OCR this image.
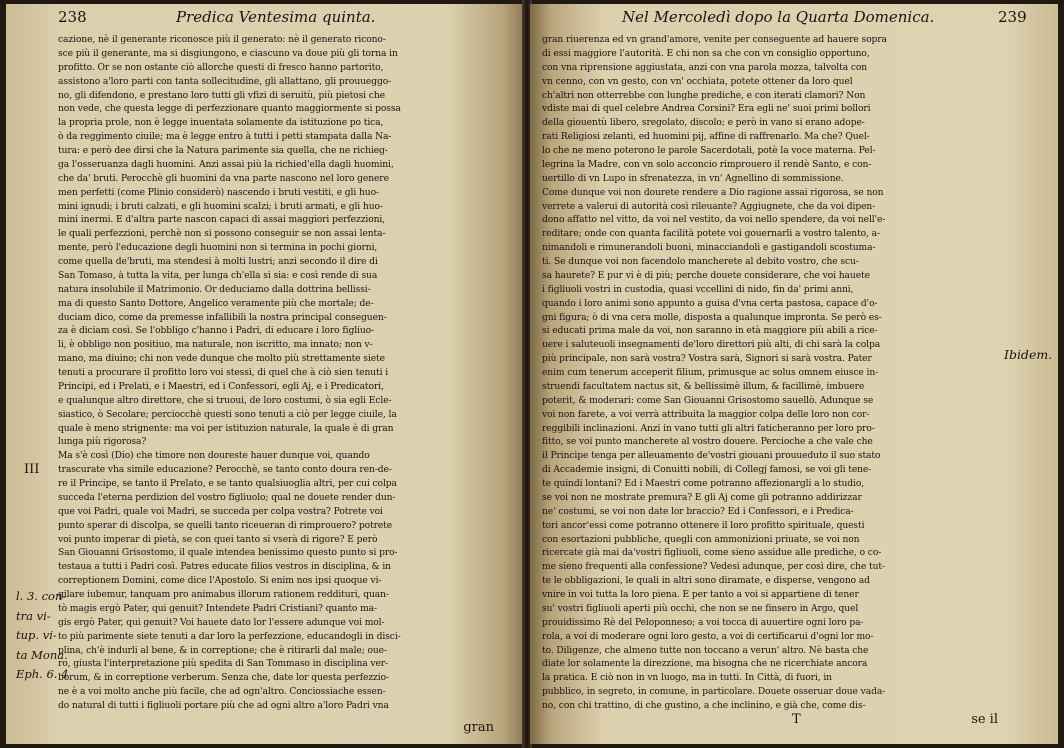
238	Predica Ventesima quinta.
III
l. 3. con-
tra vi-
tup. vi-
ta Mona.
Eph. 6. 4
cazione, nè il generante riconosce più il generato: nè il generato ricono-
sce più il generante, ma si disgiungono, e ciascuno va doue più gli torna in
profitto. Or se non ostante ciò allorche questi di fresco hanno partorito,
assistono a'loro parti con tanta sollecitudine, gli allattano, gli prouueggo-
no, gli difendono, e prestano loro tutti gli vfizi di seruitù, più pietosi che
non vede, che questa legge di perfezzionare quanto maggiormente si possa
la propria prole, non è legge inuentata solamente da istituzione po tica,
ò da reggimento ciuile; ma è legge entro à tutti i petti stampata dalla Na-
tura: e però dee dirsi che la Natura parimente sia quella, che ne richieg-
ga l'osseruanza dagli huomini. Anzi assai più la richied'ella dagli huomini,
che da' bruti. Perocchè gli huomini da vna parte nascono nel loro genere
men perfetti (come Plinio considerò) nascendo i bruti vestiti, e gli huo-
mini ignudi; i bruti calzati, e gli huomini scalzi; i bruti armati, e gli huo-
mini inermi. E d'altra parte nascon capaci di assai maggiori perfezzioni,
le quali perfezzioni, perchè non si possono conseguir se non assai lenta-
mente, però l'educazione degli huomini non si termina in pochi giorni,
come quella de'bruti, ma stendesi à molti lustri; anzi secondo il dire di
San Tomaso, à tutta la vita, per lunga ch'ella si sia: e così rende di sua
natura insolubile il Matrimonio. Or deduciamo dalla dottrina bellissi-
ma di questo Santo Dottore, Angelico veramente più che mortale; de-
duciam dico, come da premesse infallibili la nostra principal conseguen-
za è diciam così. Se l'obbligo c'hanno i Padri, di educare i loro figliuo-
li, è obbligo non positiuo, ma naturale, non iscritto, ma innato; non v-
mano, ma diuino; chi non vede dunque che molto più strettamente siete
tenuti a procurare il profitto loro voi stessi, di quel che à ciò sien tenuti i
Principi, ed i Prelati, e i Maestri, ed i Confessori, egli Aj, e i Predicatori,
e qualunque altro direttore, che si truoui, de loro costumi, ò sia egli Ecle-
siastico, ò Secolare; perciocchè questi sono tenuti a ciò per legge ciuile, la
quale è meno strignente: ma voi per istituzion naturale, la quale è di gran
lunga più rigorosa?
Ma s'è così (Dio) che timore non doureste hauer dunque voi, quando
trascurate vha simile educazione? Perocchè, se tanto conto doura ren-de-
re il Principe, se tanto il Prelato, e se tanto qualsiuoglia altri, per cui colpa
succeda l'eterna perdizion del vostro figliuolo; qual ne douete render dun-
que voi Padri, quale voi Madri, se succeda per colpa vostra? Potrete voi
punto sperar di discolpa, se quelli tanto riceueran di rimprouero? potrete
voi punto imperar di pietà, se con quei tanto si vserà di rigore? E però
San Giouanni Grisostomo, il quale intendea benissimo questo punto si pro-
testaua a tutti i Padri così. Patres educate filios vestros in disciplina, & in
correptionem Domini, come dice l'Apostolo. Si enim nos ipsi quoque vi-
gilare iubemur, tanquam pro animabus illorum rationem reddituri, quan-
tò magis ergò Pater, qui genuit? Intendete Padri Cristiani? quanto ma-
gis ergò Pater, qui genuit? Voi hauete dato lor l'essere adunque voi mol-
to più parimente siete tenuti a dar loro la perfezzione, educandogli in disci-
plina, ch'è indurli al bene, & in correptione; che è ritirarli dal male; oue-
ro, giusta l'interpretazione più spedita di San Tommaso in disciplina ver-
borum, & in correptione verberum. Senza che, date lor questa perfezzio-
ne è a voi molto anche più facile, che ad ogn'altro. Conciossiache essen-
do natural di tutti i figliuoli portare più che ad ogni altro a'loro Padri vna
gran
Nel Mercoledì dopo la Quarta Domenica.	239
Ibidem.
gran riuerenza ed vn grand'amore, venite per conseguente ad hauere sopra
di essi maggiore l'autorità. E chi non sa che con vn consiglio opportuno,
con vna riprensione aggiustata, anzi con vna parola mozza, talvolta con
vn cenno, con vn gesto, con vn' occhiata, potete ottener da loro quel
ch'altri non otterrebbe con lunghe prediche, e con iterati clamori? Non
vdiste mai di quel celebre Andrea Corsini? Era egli ne' suoi primi bollori
della giouentù libero, sregolato, discolo; e però in vano si erano adope-
rati Religiosi zelanti, ed huomini pij, affine di raffrenarlo. Ma che? Quel-
lo che ne meno poterono le parole Sacerdotali, potè la voce materna. Pel-
legrina la Madre, con vn solo acconcio rimprouero il rendè Santo, e con-
uertillo di vn Lupo in sfrenatezza, in vn' Agnellino di sommissione.
Come dunque voi non dourete rendere a Dio ragione assai rigorosa, se non
verrete a valerui di autorità così rileuante? Aggiugnete, che da voi dipen-
dono affatto nel vitto, da voi nel vestito, da voi nello spendere, da voi nell'e-
reditare; onde con quanta facilità potete voi gouernarli a vostro talento, a-
nimandoli e rimunerandoli buoni, minacciandoli e gastigandoli scostuma-
ti. Se dunque voi non facendolo mancherete al debito vostro, che scu-
sa haurete? E pur vi è di più; perche douete considerare, che voi hauete
i figliuoli vostri in custodia, quasi vccellini di nido, fin da' primi anni,
quando i loro animi sono appunto a guisa d'vna certa pastosa, capace d'o-
gni figura; ò di vna cera molle, disposta a qualunque impronta. Se però es-
si educati prima male da voi, non saranno in età maggiore più abili a rice-
uere i saluteuoli insegnamenti de'loro direttori più alti, di chi sarà la colpa
più principale, non sarà vostra? Vostra sarà, Signori si sarà vostra. Pater
enim cum tenerum acceperit filium, primusque ac solus omnem eiusce in-
struendi facultatem nactus sit, & bellissimè illum, & facillimè, imbuere
poterit, & moderari: come San Giouanni Grisostomo sauellò. Adunque se
voi non farete, a voi verrà attribuita la maggior colpa delle loro non cor-
reggibili inclinazioni. Anzi in vano tutti gli altri faticheranno per loro pro-
fitto, se voi punto mancherete al vostro douere. Percioche a che vale che
il Principe tenga per alleuamento de'vostri giouani prouueduto il suo stato
di Accademie insigni, di Conuitti nobili, di Collegj famosi, se voi gli tene-
te quindi lontani? Ed i Maestri come potranno affezionargli a lo studio,
se voi non ne mostrate premura? E gli Aj come gli potranno addirizzar
ne' costumi, se voi non date lor braccio? Ed i Confessori, e i Predica-
tori ancor'essi come potranno ottenere il loro profitto spirituale, questi
con esortazioni pubbliche, quegli con ammonizioni priuate, se voi non
ricercate già mai da'vostri figliuoli, come sieno assidue alle prediche, o co-
me sieno frequenti alla confessione? Vedesi adunque, per così dire, che tut-
te le obbligazioni, le quali in altri sono diramate, e disperse, vengono ad
vnire in voi tutta la loro piena. E per tanto a voi si appartiene di tener
su' vostri figliuoli aperti più occhi, che non se ne finsero in Argo, quel
prouidissimo Rè del Peloponneso; a voi tocca di auuertire ogni loro pa-
rola, a voi di moderare ogni loro gesto, a voi di certificarui d'ogni lor mo-
to. Diligenze, che almeno tutte non toccano a verun' altro. Nè basta che
diate lor solamente la direzzione, ma bisogna che ne ricerchiate ancora
la pratica. E ciò non in vn luogo, ma in tutti. In Città, di fuori, in
pubblico, in segreto, in comune, in particolare. Douete osseruar doue vada-
no, con chi trattino, di che gustino, a che inclinino, e già che, come dis-
T	se il
